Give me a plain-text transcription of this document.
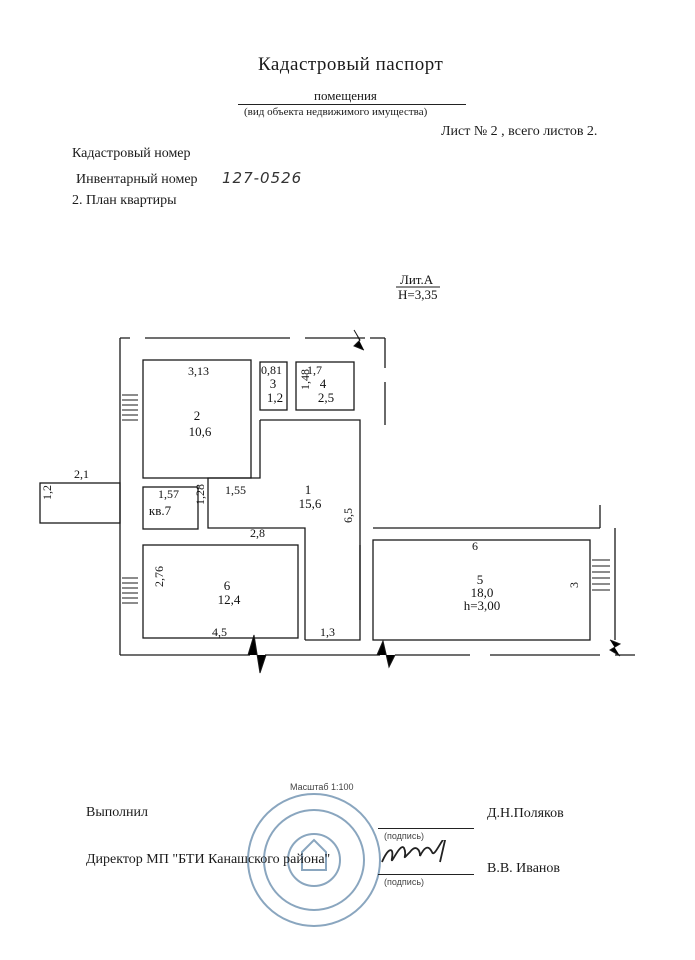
Кадастровый паспорт
помещения
(вид объекта недвижимого имущества)
Лист № 2 , всего листов 2.
Кадастровый номер
Инвентарный номер 127-0526
2. План квартиры
Лит.А
Н=3,35
3,13	0,81 1,7
1,48
2,1
1,2	1,55
1,57 1,28
2,8
2,76
4,5	1,3
6,5
6
3
2
10,6
3
1,2
4
2,5
1
15,6
кв.7
6
12,4
5
18,0
h=3,00
Масштаб 1:100
Выполнил
(подпись)
Д.Н.Поляков
Директор МП "БТИ Канашского района"
(подпись)
В.В. Иванов
